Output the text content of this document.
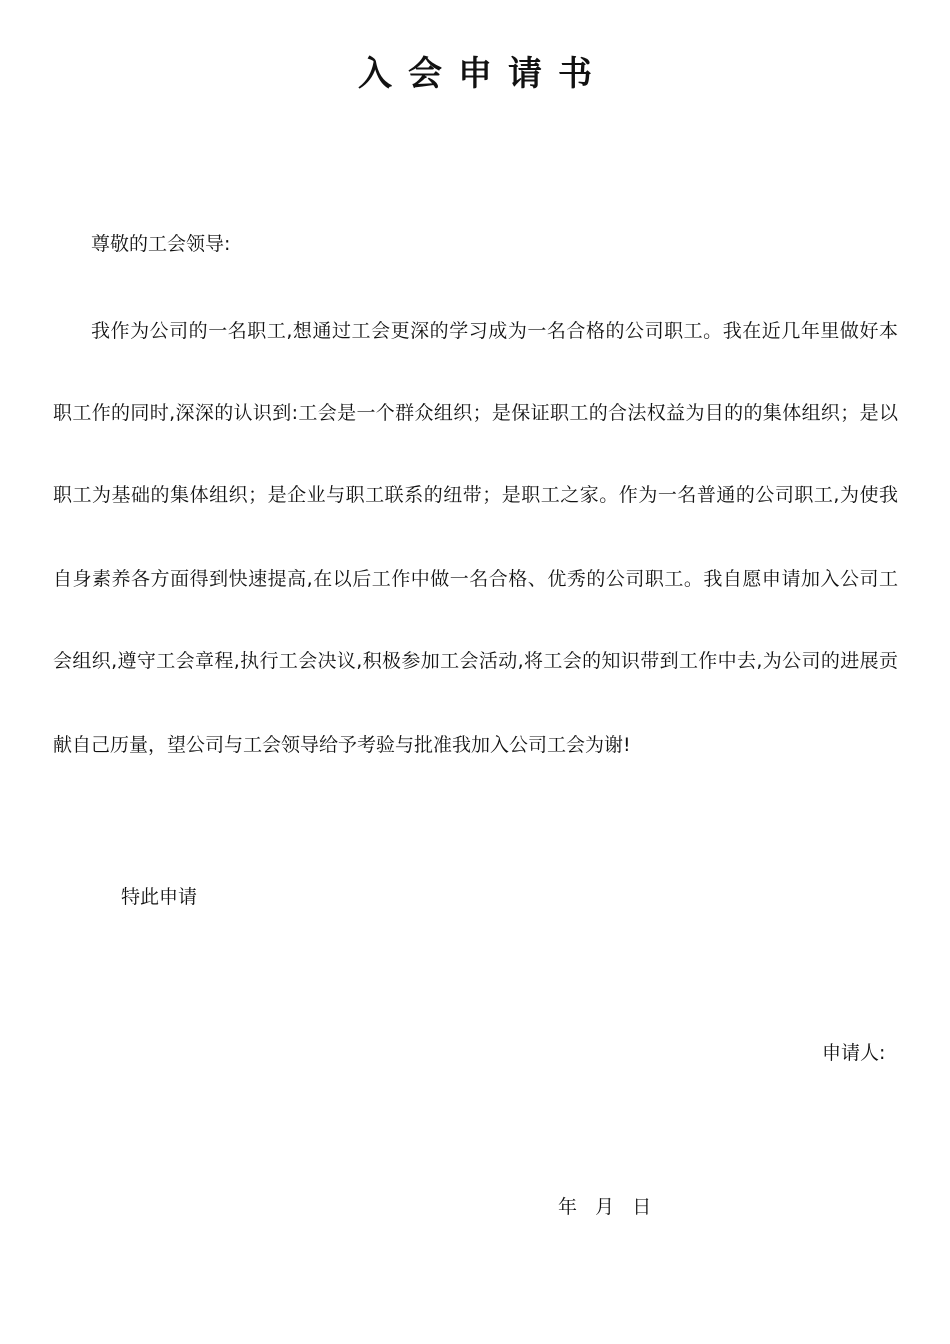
入会申请书
尊敬的工会领导:
我作为公司的一名职工,想通过工会更深的学习成为一名合格的公司职工。我在近几年里做好本
职工作的同时,深深的认识到:工会是一个群众组织；是保证职工的合法权益为目的的集体组织；是以
职工为基础的集体组织；是企业与职工联系的纽带；是职工之家。作为一名普通的公司职工,为使我
自身素养各方面得到快速提高,在以后工作中做一名合格、优秀的公司职工。我自愿申请加入公司工
会组织,遵守工会章程,执行工会决议,积极参加工会活动,将工会的知识带到工作中去,为公司的进展贡
献自己历量，望公司与工会领导给予考验与批准我加入公司工会为谢!
特此申请
申请人:
年   月   日
